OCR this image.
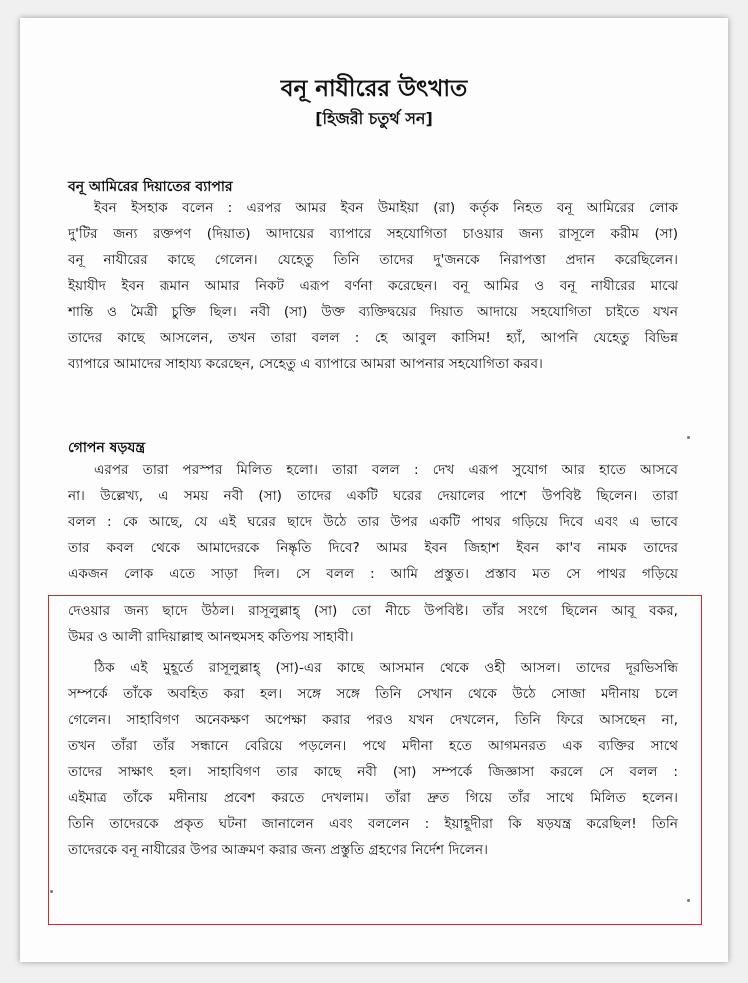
বনূ নাযীরের উৎখাত
[হিজরী চতুর্থ সন]
বনূ আমিরের দিয়াতের ব্যাপার
ইবন ইসহাক বলেন : এরপর আমর ইবন উমাইয়া (রা) কর্তৃক নিহত বনূ আমিরের লোক
দু'টির জন্য রক্তপণ (দিয়াত) আদায়ের ব্যাপারে সহযোগিতা চাওয়ার জন্য রাসূলে করীম (সা)
বনূ নাযীরের কাছে গেলেন। যেহেতু তিনি তাদের দু'জনকে নিরাপত্তা প্রদান করেছিলেন।
ইয়াযীদ ইবন রূমান আমার নিকট এরূপ বর্ণনা করেছেন। বনূ আমির ও বনূ নাযীরের মাঝে
শান্তি ও মৈত্রী চুক্তি ছিল। নবী (সা) উক্ত ব্যক্তিদ্বয়ের দিয়াত আদায়ে সহযোগিতা চাইতে যখন
তাদের কাছে আসলেন, তখন তারা বলল : হে আবুল কাসিম! হ্যাঁ, আপনি যেহেতু বিভিন্ন
ব্যাপারে আমাদের সাহায্য করেছেন, সেহেতু এ ব্যাপারে আমরা আপনার সহযোগিতা করব।
গোপন ষড়যন্ত্র
এরপর তারা পরস্পর মিলিত হলো। তারা বলল : দেখ এরূপ সুযোগ আর হাতে আসবে
না। উল্লেখ্য, এ সময় নবী (সা) তাদের একটি ঘরের দেয়ালের পাশে উপবিষ্ট ছিলেন। তারা
বলল : কে আছে, যে এই ঘরের ছাদে উঠে তার উপর একটি পাথর গড়িয়ে দিবে এবং এ ভাবে
তার কবল থেকে আমাদেরকে নিষ্কৃতি দিবে? আমর ইবন জিহাশ ইবন কা'ব নামক তাদের
একজন লোক এতে সাড়া দিল। সে বলল : আমি প্রস্তুত। প্রস্তাব মত সে পাথর গড়িয়ে
দেওয়ার জন্য ছাদে উঠল। রাসূলুল্লাহ্ (সা) তো নীচে উপবিষ্ট। তাঁর সংগে ছিলেন আবূ বকর,
উমর ও আলী রাদিয়াল্লাহু আনহুমসহ কতিপয় সাহাবী।
ঠিক এই মুহূর্তে রাসূলুল্লাহ্ (সা)-এর কাছে আসমান থেকে ওহী আসল। তাদের দূরভিসন্ধি
সম্পর্কে তাঁকে অবহিত করা হল। সঙ্গে সঙ্গে তিনি সেখান থেকে উঠে সোজা মদীনায় চলে
গেলেন। সাহাবিগণ অনেকক্ষণ অপেক্ষা করার পরও যখন দেখলেন, তিনি ফিরে আসছেন না,
তখন তাঁরা তাঁর সন্ধানে বেরিয়ে পড়লেন। পথে মদীনা হতে আগমনরত এক ব্যক্তির সাথে
তাদের সাক্ষাৎ হল। সাহাবিগণ তার কাছে নবী (সা) সম্পর্কে জিজ্ঞাসা করলে সে বলল :
এইমাত্র তাঁকে মদীনায় প্রবেশ করতে দেখলাম। তাঁরা দ্রুত গিয়ে তাঁর সাথে মিলিত হলেন।
তিনি তাদেরকে প্রকৃত ঘটনা জানালেন এবং বললেন : ইয়াহূদীরা কি ষড়যন্ত্র করেছিল! তিনি
তাদেরকে বনূ নাযীরের উপর আক্রমণ করার জন্য প্রস্তুতি গ্রহণের নির্দেশ দিলেন।
